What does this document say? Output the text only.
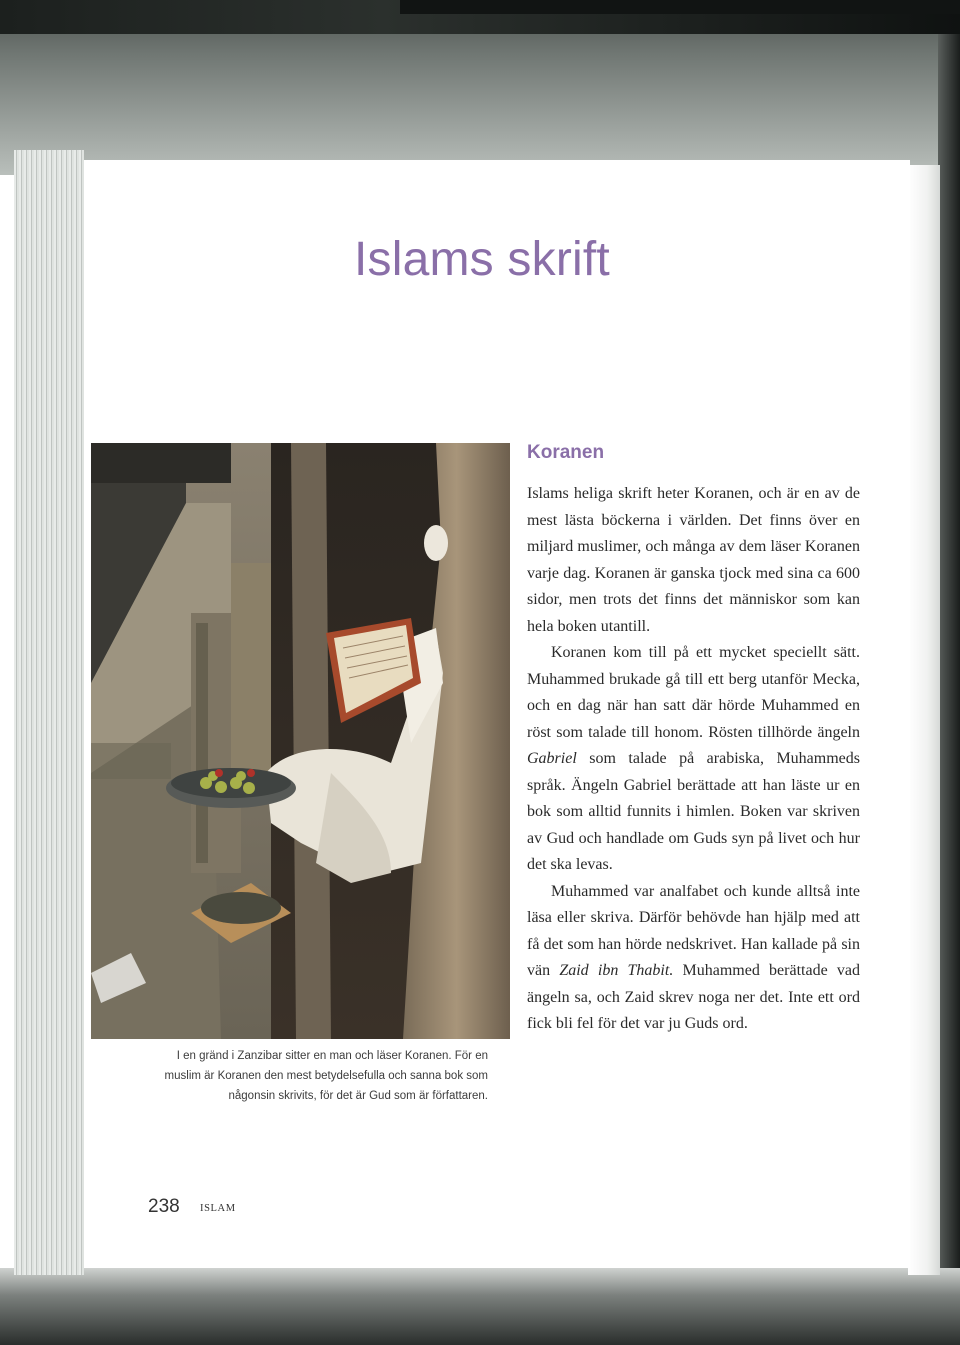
Islams skrift

I en gränd i Zanzibar sitter en man och läser Koranen. För en muslim är Koranen den mest betydelsefulla och sanna bok som någonsin skrivits, för det är Gud som är författaren.

Koranen

Islams heliga skrift heter Koranen, och är en av de mest lästa böckerna i världen. Det finns över en miljard muslimer, och många av dem läser Koranen varje dag. Koranen är ganska tjock med sina ca 600 sidor, men trots det finns det människor som kan hela boken utantill.

Koranen kom till på ett mycket speciellt sätt. Muhammed brukade gå till ett berg utanför Mecka, och en dag när han satt där hörde Muhammed en röst som talade till honom. Rösten tillhörde ängeln Gabriel som talade på arabiska, Muhammeds språk. Ängeln Gabriel berättade att han läste ur en bok som alltid funnits i himlen. Boken var skriven av Gud och handlade om Guds syn på livet och hur det ska levas.

Muhammed var analfabet och kunde alltså inte läsa eller skriva. Därför behövde han hjälp med att få det som han hörde nedskrivet. Han kallade på sin vän Zaid ibn Thabit. Muhammed berättade vad ängeln sa, och Zaid skrev noga ner det. Inte ett ord fick bli fel för det var ju Guds ord.

238 ISLAM
